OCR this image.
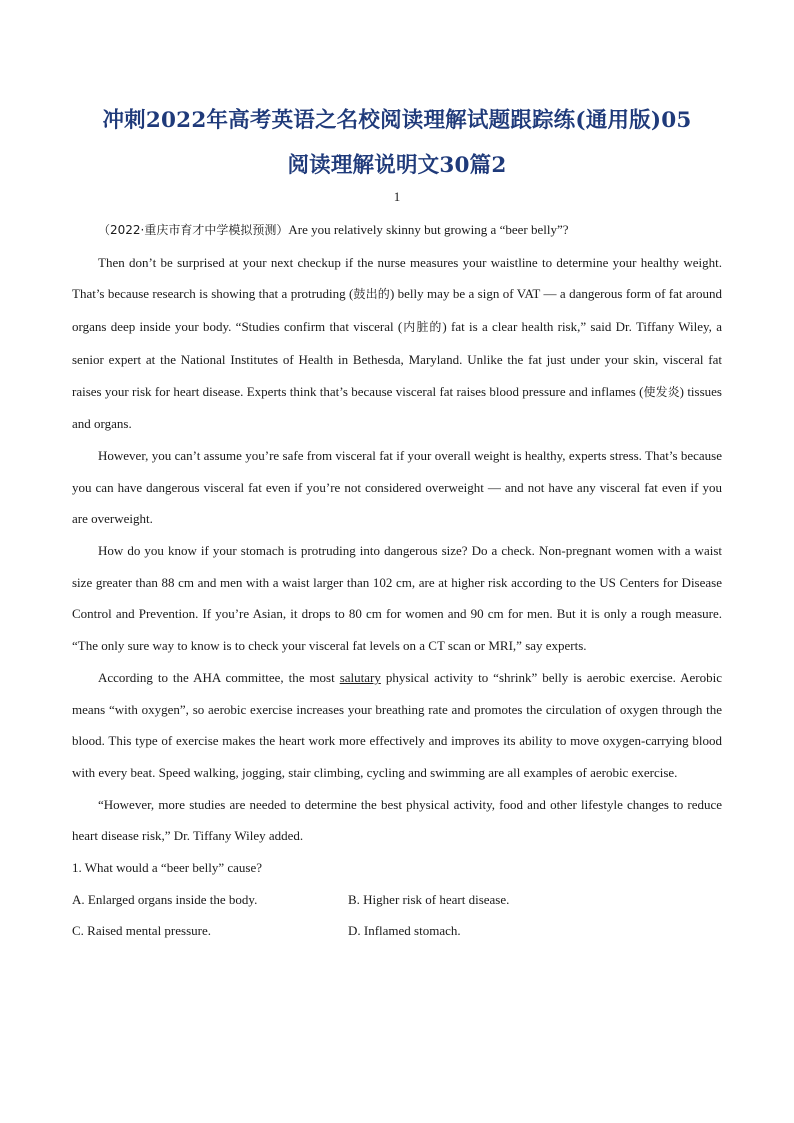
冲刺2022年高考英语之名校阅读理解试题跟踪练(通用版)05
阅读理解说明文30篇2
1

（2022·重庆市育才中学模拟预测）Are you relatively skinny but growing a “beer belly”?

Then don’t be surprised at your next checkup if the nurse measures your waistline to determine your healthy weight. That’s because research is showing that a protruding (鼓出的) belly may be a sign of VAT — a dangerous form of fat around organs deep inside your body. “Studies confirm that visceral (内脏的) fat is a clear health risk,” said Dr. Tiffany Wiley, a senior expert at the National Institutes of Health in Bethesda, Maryland. Unlike the fat just under your skin, visceral fat raises your risk for heart disease. Experts think that’s because visceral fat raises blood pressure and inflames (使发炎) tissues and organs.

However, you can’t assume you’re safe from visceral fat if your overall weight is healthy, experts stress. That’s because you can have dangerous visceral fat even if you’re not considered overweight — and not have any visceral fat even if you are overweight.

How do you know if your stomach is protruding into dangerous size? Do a check. Non-pregnant women with a waist size greater than 88 cm and men with a waist larger than 102 cm, are at higher risk according to the US Centers for Disease Control and Prevention. If you’re Asian, it drops to 80 cm for women and 90 cm for men. But it is only a rough measure. “The only sure way to know is to check your visceral fat levels on a CT scan or MRI,” say experts.

According to the AHA committee, the most salutary physical activity to “shrink” belly is aerobic exercise. Aerobic means “with oxygen”, so aerobic exercise increases your breathing rate and promotes the circulation of oxygen through the blood. This type of exercise makes the heart work more effectively and improves its ability to move oxygen-carrying blood with every beat. Speed walking, jogging, stair climbing, cycling and swimming are all examples of aerobic exercise.

“However, more studies are needed to determine the best physical activity, food and other lifestyle changes to reduce heart disease risk,” Dr. Tiffany Wiley added.

1. What would a “beer belly” cause?

A. Enlarged organs inside the body.	B. Higher risk of heart disease.
C. Raised mental pressure.	D. Inflamed stomach.
